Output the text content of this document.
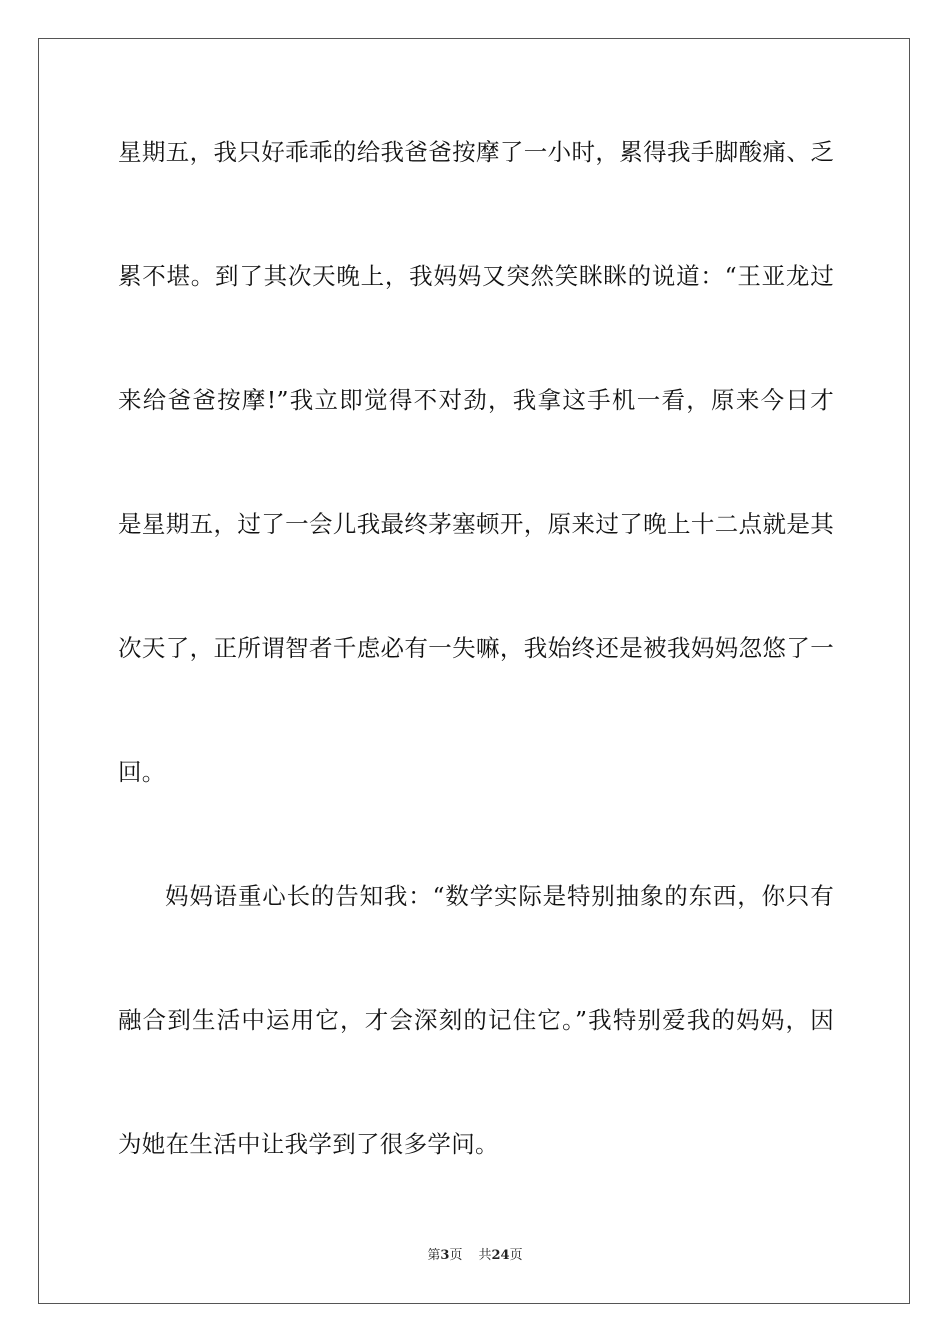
星期五，我只好乖乖的给我爸爸按摩了一小时，累得我手脚酸痛、乏
累不堪。到了其次天晚上，我妈妈又突然笑眯眯的说道：“王亚龙过
来给爸爸按摩!”我立即觉得不对劲，我拿这手机一看，原来今日才
是星期五，过了一会儿我最终茅塞顿开，原来过了晚上十二点就是其
次天了，正所谓智者千虑必有一失嘛，我始终还是被我妈妈忽悠了一
回。
妈妈语重心长的告知我：“数学实际是特别抽象的东西，你只有
融合到生活中运用它，才会深刻的记住它。”我特别爱我的妈妈，因
为她在生活中让我学到了很多学问。
第3页 共24页
